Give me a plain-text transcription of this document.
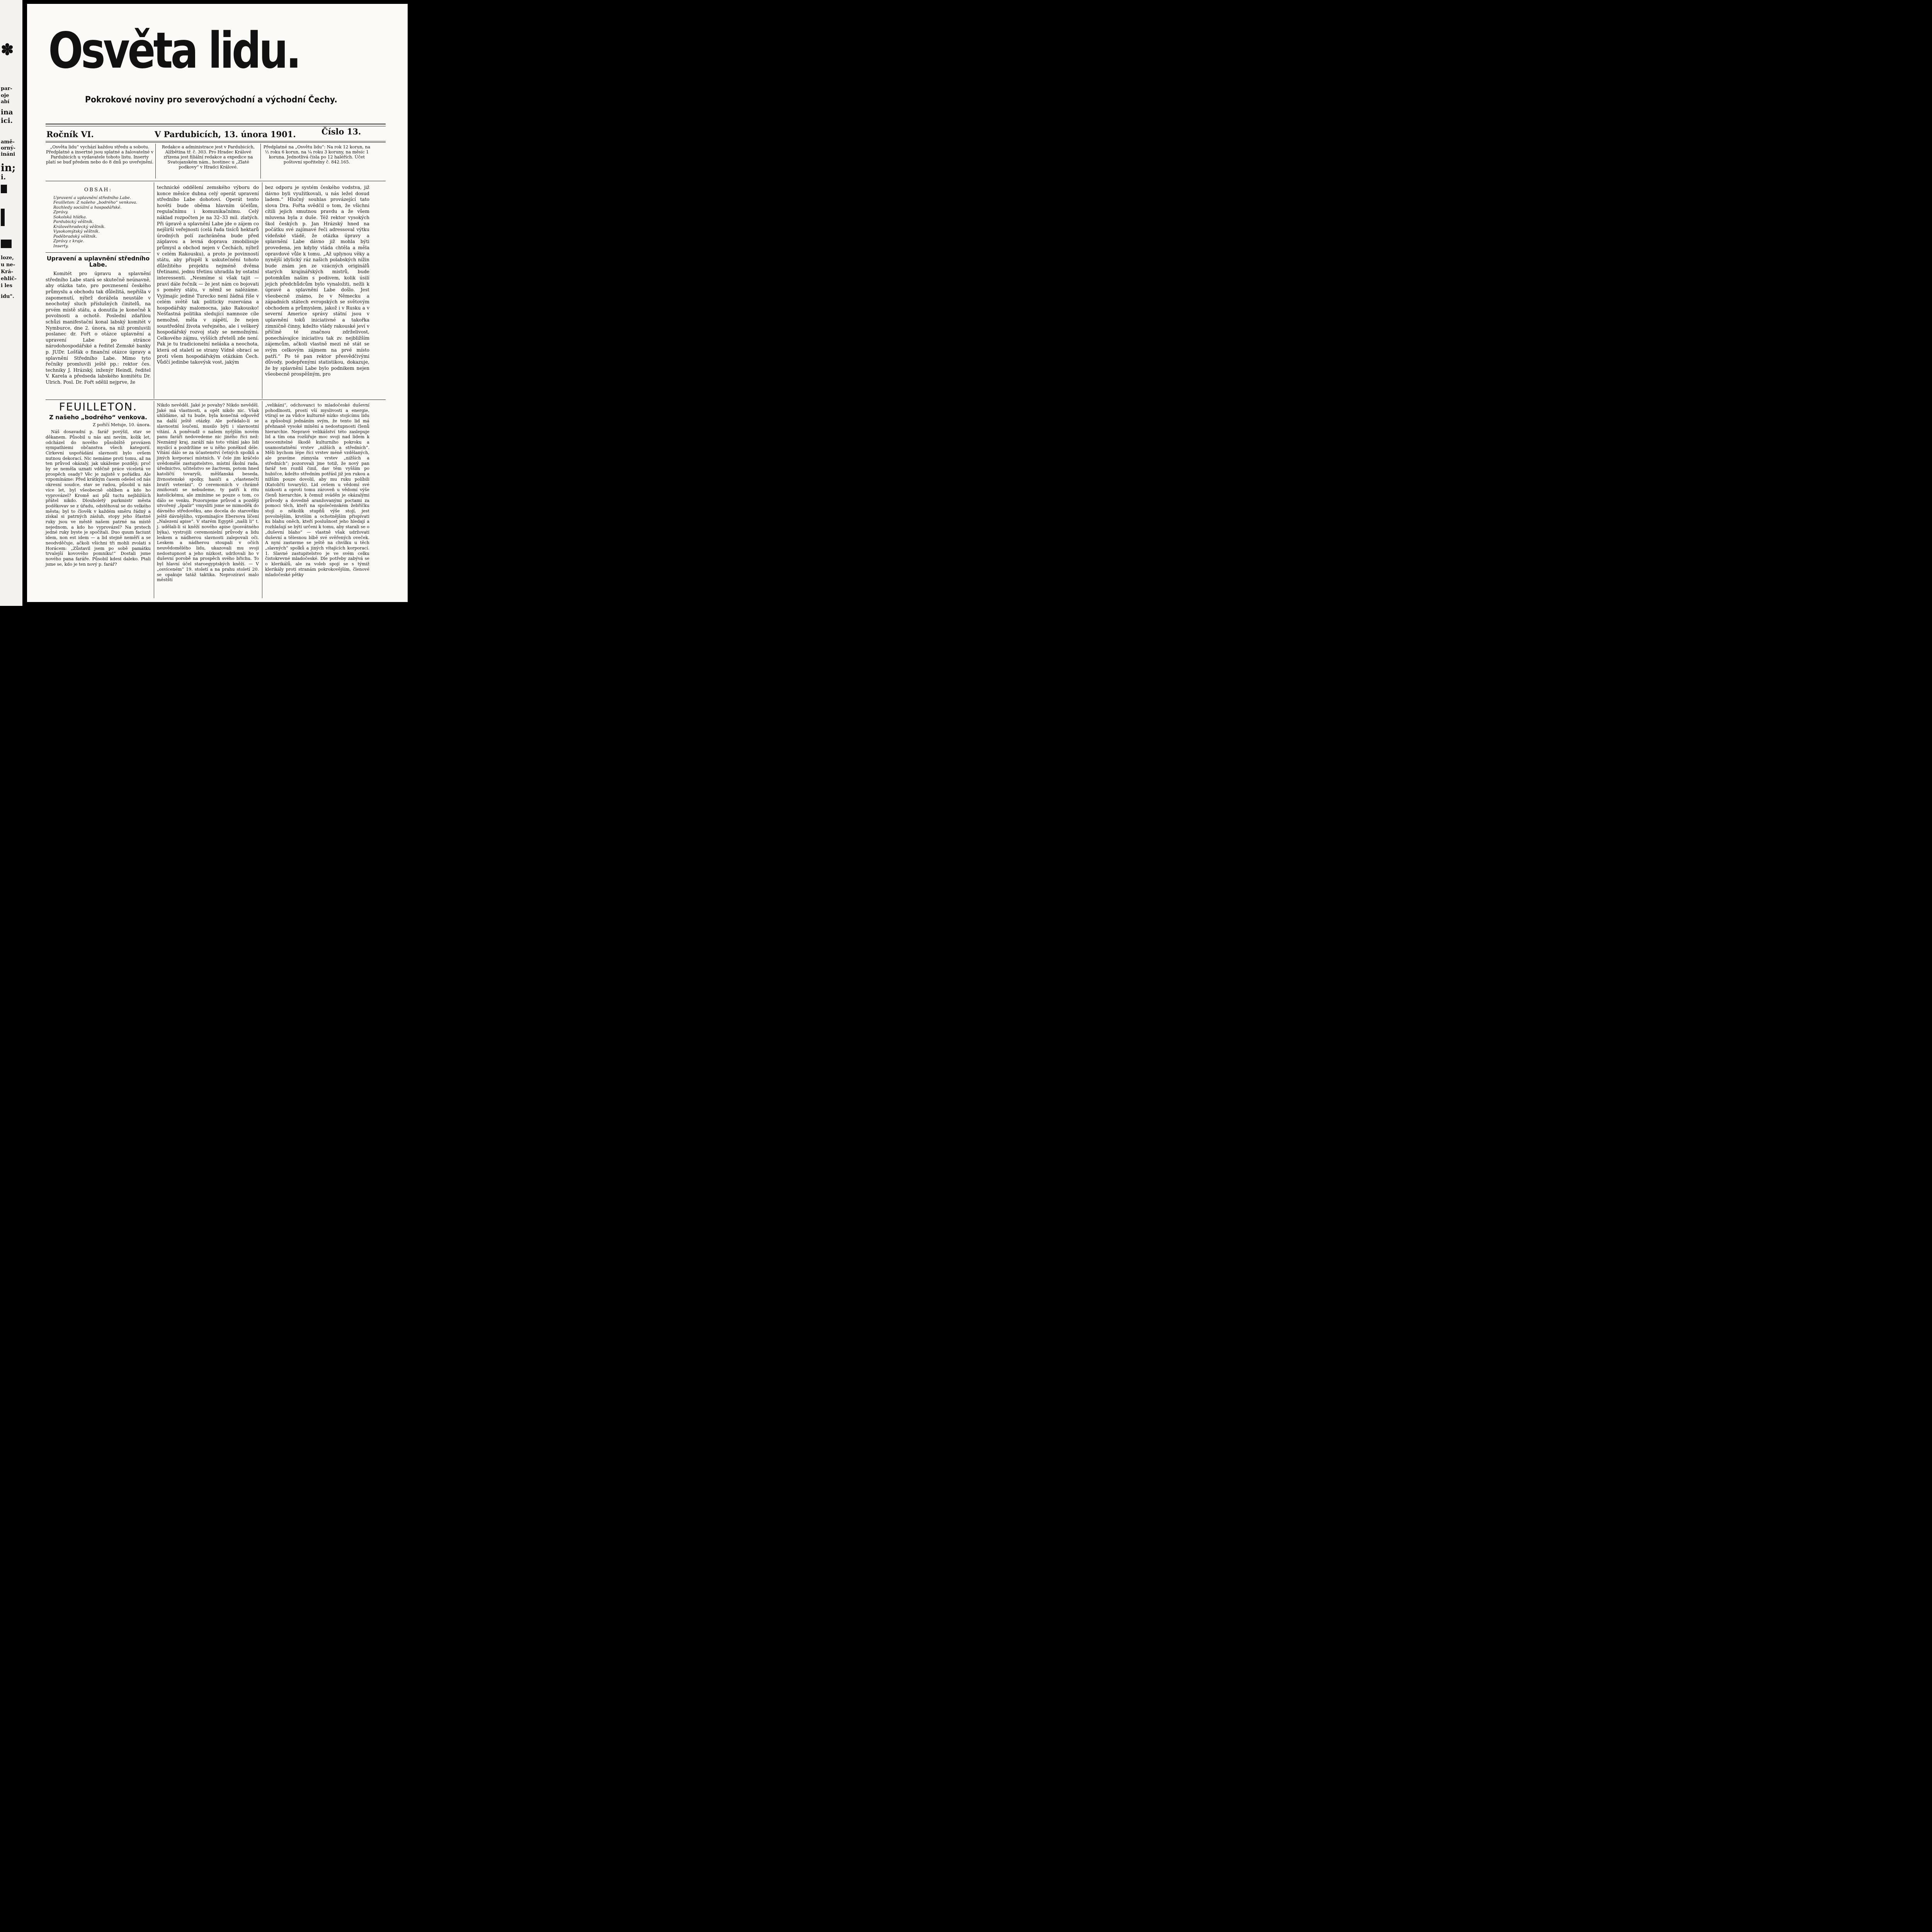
✽
par-
oje
abí
ina
ici.
amě-
orný-
ináni
in;
i.
loze,
u ne-
Krá-
ehlič-
i les
idu".
Osvěta lidu.
Pokrokové noviny pro severovýchodní a východní Čechy.
Ročník VI.	V Pardubicích, 13. února 1901.	Číslo 13.
„Osvěta lidu“ vychází každou středu a sobotu. Předplatné a insertné jsou splatné a žalovatelné v Pardubicích u vydavatele tohoto listu. Inserty platí se buď předem nebo do 8 dnů po uveřejnění.
Redakce a administrace jest v Pardubicích, Alžbětina tř. č. 303. Pro Hradec Králové zřízena jest filiální redakce a expedice na Svatojanském nám., hostinec u „Zlaté podkovy“ v Hradci Králové.
Předplatné na „Osvětu lidu“: Na rok 12 korun, na ½ roku 6 korun, na ¼ roku 3 koruny, na měsíc 1 koruna. Jednotlivá čísla po 12 haléřích. Účet poštovní spořitelny č. 842.165.
OBSAH:

Upravení a uplavnění středního Labe.

Feuilleton: Z našeho „bodrého“ venkova.

Rozhledy sociální a hospodářské.

Zprávy.

Sokolská hlídka.

Pardubický věštník.

Královéhradecký věštník.

Vysokomýtský věštník.

Podĕbradský věštník.

Zprávy z kraje.

Inserty.

Upravení a uplavnění středního Labe.

Komitét pro úpravu a splavnění středního Labe stará se skutečně neúnavně, aby otázka tato, pro povznesení českého průmyslu a obchodu tak důležitá, nepřišla v zapomenutí, nýbrž dorážela neustále v neochotný sluch příslušných činitelů, na prvém místě státu, a donutila je konečně k povolnosti a ochotě. Poslední zdařilou schůzi manifestační konal labský komitét v Nymburce, dne 2. února, na níž promluvili poslanec dr. Fořt o otázce uplavnění a upravení Labe po stránce národohospodářské a ředitel Zemské banky p. JUDr. Lošťák o finanční otázce úpravy a splavnění Středního Labe. Mimo tyto řečníky promluvili ještě pp.: rektor čes. techniky J. Hrázský, inženýr Heindl, ředitel V. Karela a předseda labského komitétu Dr. Ulrich. Posl. Dr. Fořt sdělil nejprve, že

technické oddělení zemského výboru do konce měsíce dubna celý operát upravení středního Labe dohotoví. Operát tento hověti bude oběma hlavním účelům, regulačnímu i komunikačnímu. Celý náklad rozpočten je na 32–33 mil. zlatých. Při úpravě a splavnění Labe jde o zájem co nejširší veřejnosti (celá řada tisíců hektarů úrodných polí zachráněna bude před záplavou a levná doprava zmobilisuje průmysl a obchod nejen v Čechách, nýbrž v celém Rakousku), a proto je povinností státu, aby přispěl k uskutečnění tohoto důležitého projektu nejméně dvěma třetinami, jednu třetinu uhradila by ostatní interessenti. „Nesmíme si však tajit — praví dále řečník — že jest nám co bojovati s poměry státu, v němž se nalézáme. Vyjímajíc jediné Turecko není žádná říše v celém světě tak politicky rozervána a hospodářsky malomocna, jako Rakousko! Nešťastná politika sledující namnoze cíle nemožné, měla v zápětí, že nejen soustředění života veřejného, ale i veškerý hospodářský rozvoj staly se nemožnými. Celkového zájmu, vyšších zřetelů zde není. Pak je tu tradicionelní neláska a neochota, která od staletí se strany Vídně obrací se proti všem hospodářským otázkám Čech. Vůdčí jedinbe takovýsk vost, jakým

bez odporu je systém českého vodstva, již dávno byli využitkovali, u nás ležel dosud ladem.“ Hlučný souhlas provázející tato slova Dra. Fořta svědčil o tom, že všichni cítili jejich smutnou pravdu a že všem mluvena byla z duše. Též rektor vysokých škol českých p. Jan Hrázský hned na počátku své zajímavé řeči adressoval výtku vídeňské vládě, že otázka úpravy a splavnění Labe dávno již mohla býti provedena, jen kdyby vláda chtěla a měla opravdové vůle k tomu. „Až uplynou věky a nynější idylický ráz našich polabských nížin bude znám jen ze vzácných originálů starých krajinářských mistrů, bude potomkům našim s podivem, kolik úsilí jejich předchůdcům bylo vynaložiti, nežli k úpravě a splavnění Labe došlo. Jest všeobecně známo, že v Německu a západních státech evropských se světovým obchodem a průmyslem, jakož i v Rusku a v severní Americe správy státní jsou v uplavnění toků iniciativné a takořka zimničně činny, kdežto vlády rakouské jeví v příčině té značnou zdrželivost, ponechávajíce iniciativu tak zv. nejbližším zájemcům, ačkoli vlastně mezi ně stát se svým celkovým zájmem na prvé místo patří.“ Po té pan rektor přesvědčivými důvody, podepřenými statistikou, dokazuje, že by splavnění Labe bylo podnikem nejen všeobecně prospěšným, pro

FEUILLETON.
Z našeho „bodrého“ venkova.
Z pořičí Metuje, 10. února.

Náš dosavadní p. farář povýšil, stav se děkanem. Působil u nás ani nevím, kolik let, odcházel do nového působiště provázen sympathiemi občanstva všech kategorií. Církevní uspořádání slavnosti bylo ovšem nutnou dekorací. Nic nemáme proti tomu, až na ten průvod okázalý, jak ukážeme později; proč by se neměla uznati vděčně práce víceletá ve prospěch osady? Věc je zajistě v pořádku. Ale vzpomínáme: Před krátkým časem odešel od nás okresní soudce, stav se radou, působil u nás více let, byl všeobecně oblíben a kdo ho vyprovázel? Kromě asi půl tuctu nejbližších přátel nikdo. Dlouholetý purkmistr města poděkovav se z úřadu, odstěhoval se do velkého města; byl to člověk v každém směru řádný a získal si patrných zásluh, stopy jeho šťastné ruky jsou ve městě našem patrné na místě nejednom, a kdo ho vyprovázel? Na prstech jedné ruky byste je spočítali. Duo quum faciunt idem, non est idem — a lid stejně neměří a se neodvděčuje, ačkoli všichni tři mohli zvolati s Horácem: „Zůstavil jsem po sobě památku trvalejší kovového pomníku!“ Dostali jsme nového pana faráře. Působil kdesi daleko. Ptali jsme se, kdo je ten nový p. farář?

Nikdo nevěděl. Jaké je povahy? Nikdo nevěděl. Jaké má vlastnosti, a opět nikdo nic. Však uhlídáme, až tu bude, byla konečná odpověď na další ještě otázky. Ale pořádalo-li se slavnostní loučení, musilo býti i slavnostní vítání. A poněvadž o našem nyějším novém panu faráři nedovedeme nic jiného říci než: Neznámý kraj, zaráží nás toto vítání jako lidi myslící a pozdržíme se u něho poněkud déle. Vítání dálo se za účastenství četných spolků a jiných korporací místních. V čele jim kráčelo uvědomělé zastupitelstvo, místní školní rada, úřednictvo, učitelstvo se žactvem, potom hned katoličtí tovaryši, měšťanská beseda, živnostenské spolky, hasiči a „vlastenečtí bratří veteráni“. O ceremoniích v chrámě zmiňovati se nebudeme, ty patří k ritu katolickému, ale zmíníme se pouze o tom, co dálo se venku. Pozorujeme průvod a později utvořený „špalír“ vmysliti jsme se mimoděk do dávného středověku, ano docela do starověku ještě dávnějšího, vzpomínajíce Ebersova líčení „Nalezení apise“. V starém Egyptě „našli li“ t. j. udělali-li si kněží nového apise (posvátného býka), vystrojili ceremonielní průvody a lidu leskem a nádherou slavnosti zalepovali oči. Leskem a nádherou stoupali v očích neuvědomělého lidu, ukazovali mu svoji nedostupnost a jeho nízkost, udržovali ho v duševní porobě na prospěch svého břichu. To byl hlavní účel staroegyptských kněží. — V „osvíceném“ 19. století a na prahu století 20. se opakuje tatáž taktika. Neprozíraví malo městští

„velikáni“, odchovanci to mladočeské duševní pohodlnosti, prostí vší myslivosti a energie, vtírají se za vůdce kulturně nízko stojícímu lidu a způsobují jednáním svým, že tento lid má přehnaně vysoké mínění a nedostupnosti členů hierarchie. Nepravé velikášství této zaslepuje lid a tím ona rozšiřuje moc svoji nad lidem k neocenitelné škodě kulturního pokroku a usamostatnění vrstev „nižších a středních“. Měli bychom lépe říci vrstev méně vzdělaných, ale pravíme zúmysla vrstev „nižších a středních“; pozorovali jme totiž, že nový pan farář ten rozdíl činil, dav těm vyšším po hubičce, kdežto středním potřásl již jen rukou a nižším pouze dovolil, aby mu ruku políbili (Katoličtí tovaryši). Lid ovšem u vědomí své nízkosti a oproti tomu zároveň u vědomí výše členů hierarchie, k čemuž sváděn je okázalými průvody a dovedně aranžovanými poctami za pomoci těch, kteří na společenském žebříčku stojí o několik stupňů výše stojí, jest povolnějším, krotším a ochotnějším přispívati ku blahu oněch, kteří poslušnost jeho hledají a rozhlašují se býti určeni k tomu, aby starali se o „duševní blaho“ — vlastně však udržovati duševní a tělesnou blbě své svěřených oveček. A nyní zastavme se ještě na chvilku u těch „slavných“ spolků a jiných vítajících korporací. 1. Slavné zastupitelstvo je ve svém celku čistokrevné mladočeské. Dle potřeby zabývá se o klerikálů, ale za voleb spojí se s týmiž klerikály proti stranám pokrokovějším, členové mladočeské pětky
